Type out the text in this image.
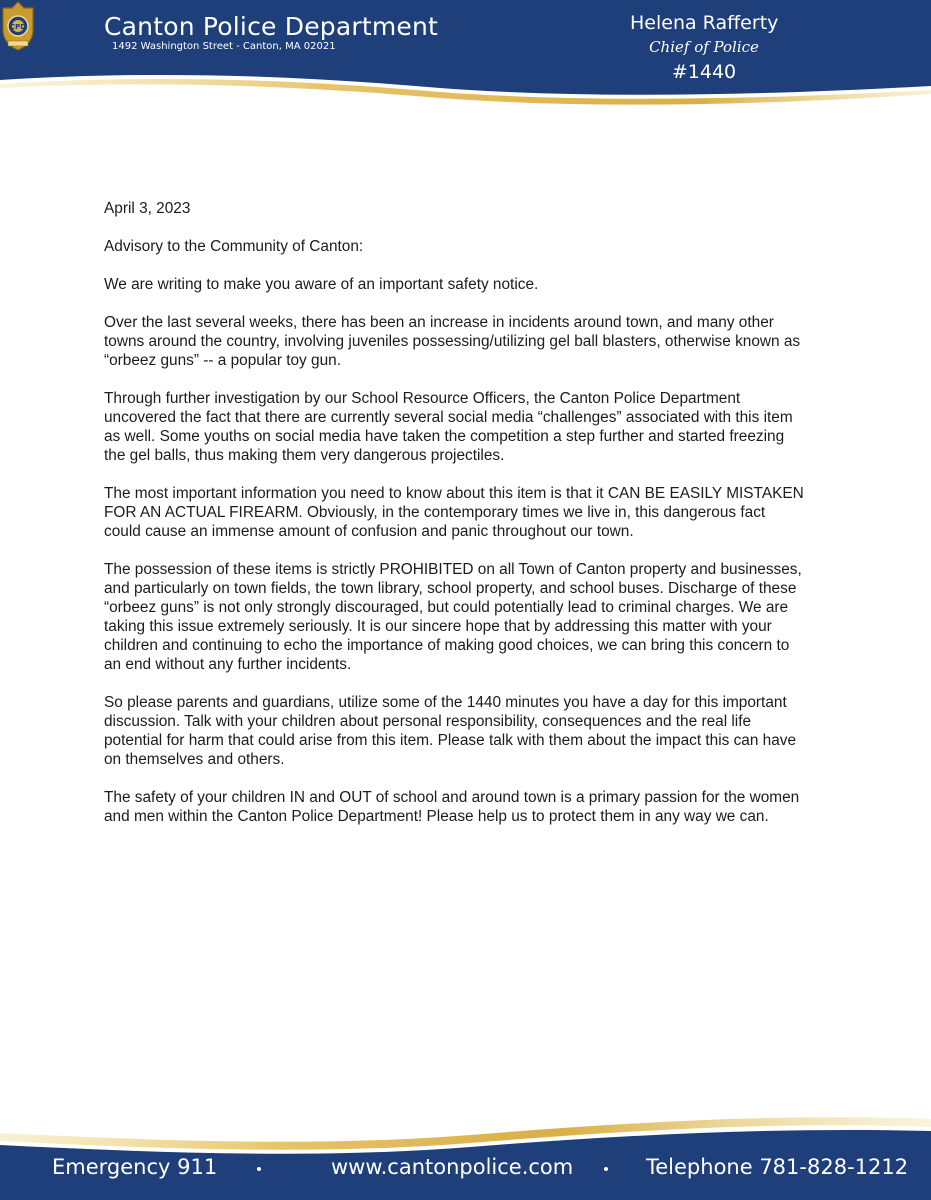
Canton Police Department
1492 Washington Street - Canton, MA 02021
Helena Rafferty
Chief of Police
#1440
CPD

April 3, 2023

Advisory to the Community of Canton:

We are writing to make you aware of an important safety notice.

Over the last several weeks, there has been an increase in incidents around town, and many other towns around the country, involving juveniles possessing/utilizing gel ball blasters, otherwise known as “orbeez guns” -- a popular toy gun.

Through further investigation by our School Resource Officers, the Canton Police Department uncovered the fact that there are currently several social media “challenges” associated with this item as well. Some youths on social media have taken the competition a step further and started freezing the gel balls, thus making them very dangerous projectiles.

The most important information you need to know about this item is that it CAN BE EASILY MISTAKEN FOR AN ACTUAL FIREARM. Obviously, in the contemporary times we live in, this dangerous fact could cause an immense amount of confusion and panic throughout our town.

The possession of these items is strictly PROHIBITED on all Town of Canton property and businesses, and particularly on town fields, the town library, school property, and school buses. Discharge of these “orbeez guns” is not only strongly discouraged, but could potentially lead to criminal charges. We are taking this issue extremely seriously. It is our sincere hope that by addressing this matter with your children and continuing to echo the importance of making good choices, we can bring this concern to an end without any further incidents.

So please parents and guardians, utilize some of the 1440 minutes you have a day for this important discussion. Talk with your children about personal responsibility, consequences and the real life potential for harm that could arise from this item. Please talk with them about the impact this can have on themselves and others.

The safety of your children IN and OUT of school and around town is a primary passion for the women and men within the Canton Police Department! Please help us to protect them in any way we can.

Emergency 911	www.cantonpolice.com	Telephone 781-828-1212
